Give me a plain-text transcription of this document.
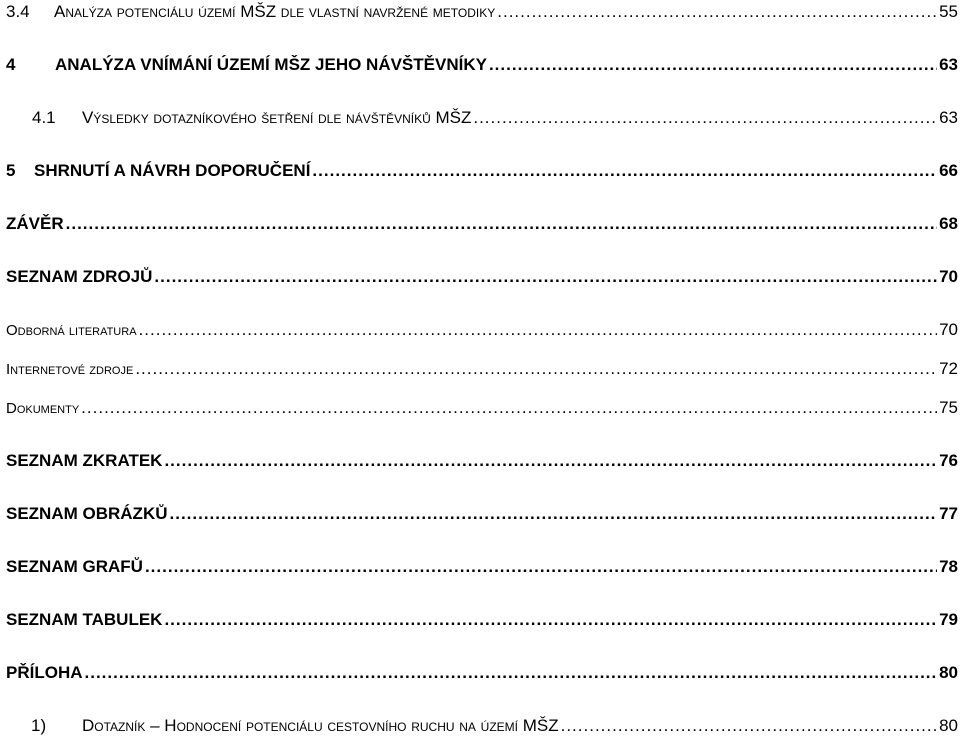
3.4	Analýza potenciálu území MŠZ dle vlastní navržené metodiky .....	55
4	ANALÝZA VNÍMÁNÍ ÚZEMÍ MŠZ JEHO NÁVŠTĚVNÍKY .....	63
4.1	Výsledky dotazníkového šetření dle návštěvníků MŠZ .....	63
5	SHRNUTÍ A NÁVRH DOPORUČENÍ .....	66
ZÁVĚR .....	68
SEZNAM ZDROJŮ .....	70
Odborná literatura .....	70
Internetové zdroje .....	72
Dokumenty .....	75
SEZNAM ZKRATEK .....	76
SEZNAM OBRÁZKŮ .....	77
SEZNAM GRAFŮ .....	78
SEZNAM TABULEK .....	79
PŘÍLOHA .....	80
1)	Dotazník – Hodnocení potenciálu cestovního ruchu na území MŠZ .....	80
